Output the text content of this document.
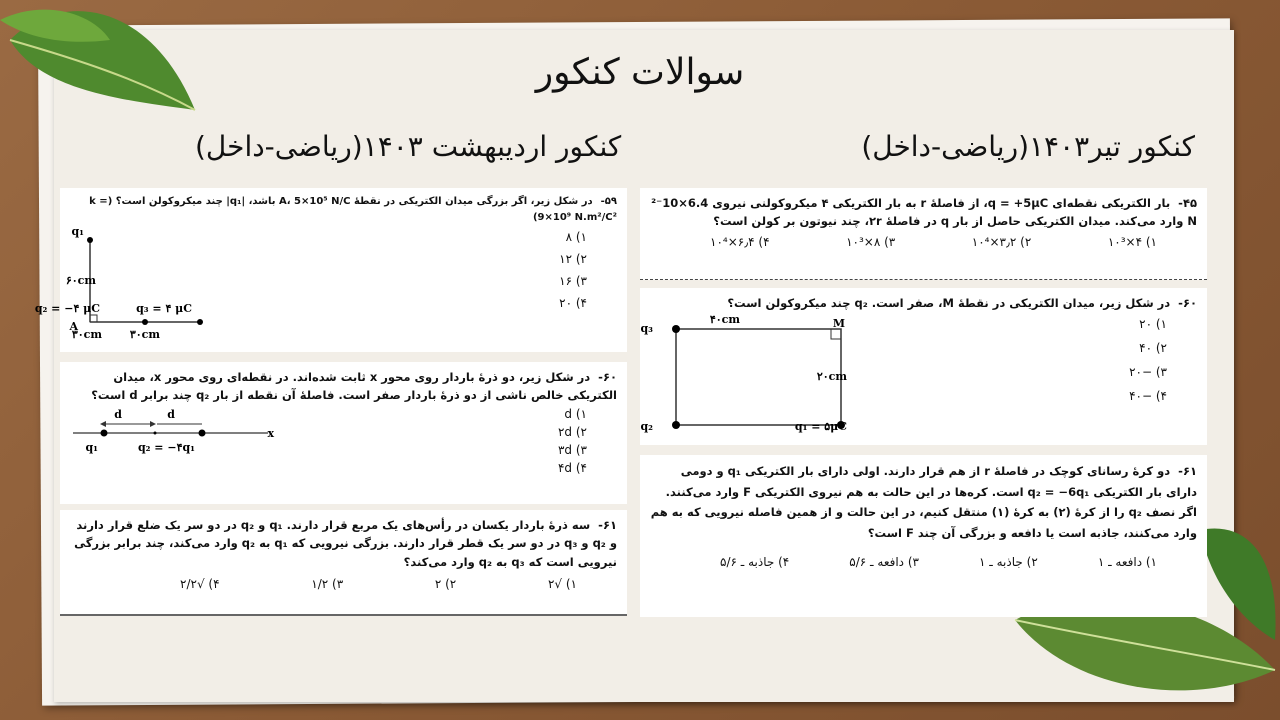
سوالات کنکور
کنکور اردیبهشت ۱۴۰۳(ریاضی-داخل)	کنکور تیر۱۴۰۳(ریاضی-داخل)
۵۹-در شکل زیر، اگر بزرگی میدان الکتریکی در نقطهٔ A، 5×10⁵ N/C باشد، |q₁| چند میکروکولن است؟ (k = 9×10⁹ N.m²/C²)
۱) ۸
۲) ۱۲
۳) ۱۶
۴) ۲۰
q₁
۶۰cm
A
q₂ = −۴ μC	q₃ = ۴ μC
۳۰cm	۳۰cm
۶۰-در شکل زیر، دو ذرهٔ باردار روی محور x ثابت شده‌اند. در نقطه‌ای روی محور x، میدان الکتریکی خالص ناشی از دو ذرهٔ باردار صفر است. فاصلهٔ آن نقطه از بار q₂ چند برابر d است؟
۱) d
۲) ۲d
۳) ۳d
۴) ۴d
d	d
x
q₁	q₂ = −۴q₁
۶۱-سه ذرهٔ باردار یکسان در رأس‌های یک مربع قرار دارند. q₁ و q₂ در دو سر یک ضلع قرار دارند و q₂ و q₃ در دو سر یک قطر قرار دارند. بزرگی نیرویی که q₁ به q₂ وارد می‌کند، چند برابر بزرگی نیرویی است که q₃ به q₂ وارد می‌کند؟
۱) √۲
۲) ۲
۳) ۱/۲
۴) √۲/۲
۴۵-بار الکتریکی نقطه‌ای q = +5μC، از فاصلهٔ r به بار الکتریکی ۴ میکروکولنی نیروی 6.4×10⁻² N وارد می‌کند. میدان الکتریکی حاصل از بار q در فاصلهٔ ۲r، چند نیوتون بر کولن است؟
۱) ۴×۱۰³
۲) ۳٫۲×۱۰⁴
۳) ۸×۱۰³
۴) ۶٫۴×۱۰⁴
۶۰-در شکل زیر، میدان الکتریکی در نقطهٔ M، صفر است. q₂ چند میکروکولن است؟
۱) ۲۰
۲) ۴۰
۳) −۲۰
۴) −۴۰
q₃
۴۰cm	M
۲۰cm
q₂	q₁ = ۵μC
۶۱-دو کرهٔ رسانای کوچک در فاصلهٔ r از هم قرار دارند. اولی دارای بار الکتریکی q₁ و دومی دارای بار الکتریکی q₂ = −6q₁ است. کره‌ها در این حالت به هم نیروی الکتریکی F وارد می‌کنند. اگر نصف q₂ را از کرهٔ (۲) به کرهٔ (۱) منتقل کنیم، در این حالت و از همین فاصله نیرویی که به هم وارد می‌کنند، جاذبه است یا دافعه و بزرگی آن چند F است؟
۱) دافعه ـ ۱
۲) جاذبه ـ ۱
۳) دافعه ـ ۵/۶
۴) جاذبه ـ ۵/۶
